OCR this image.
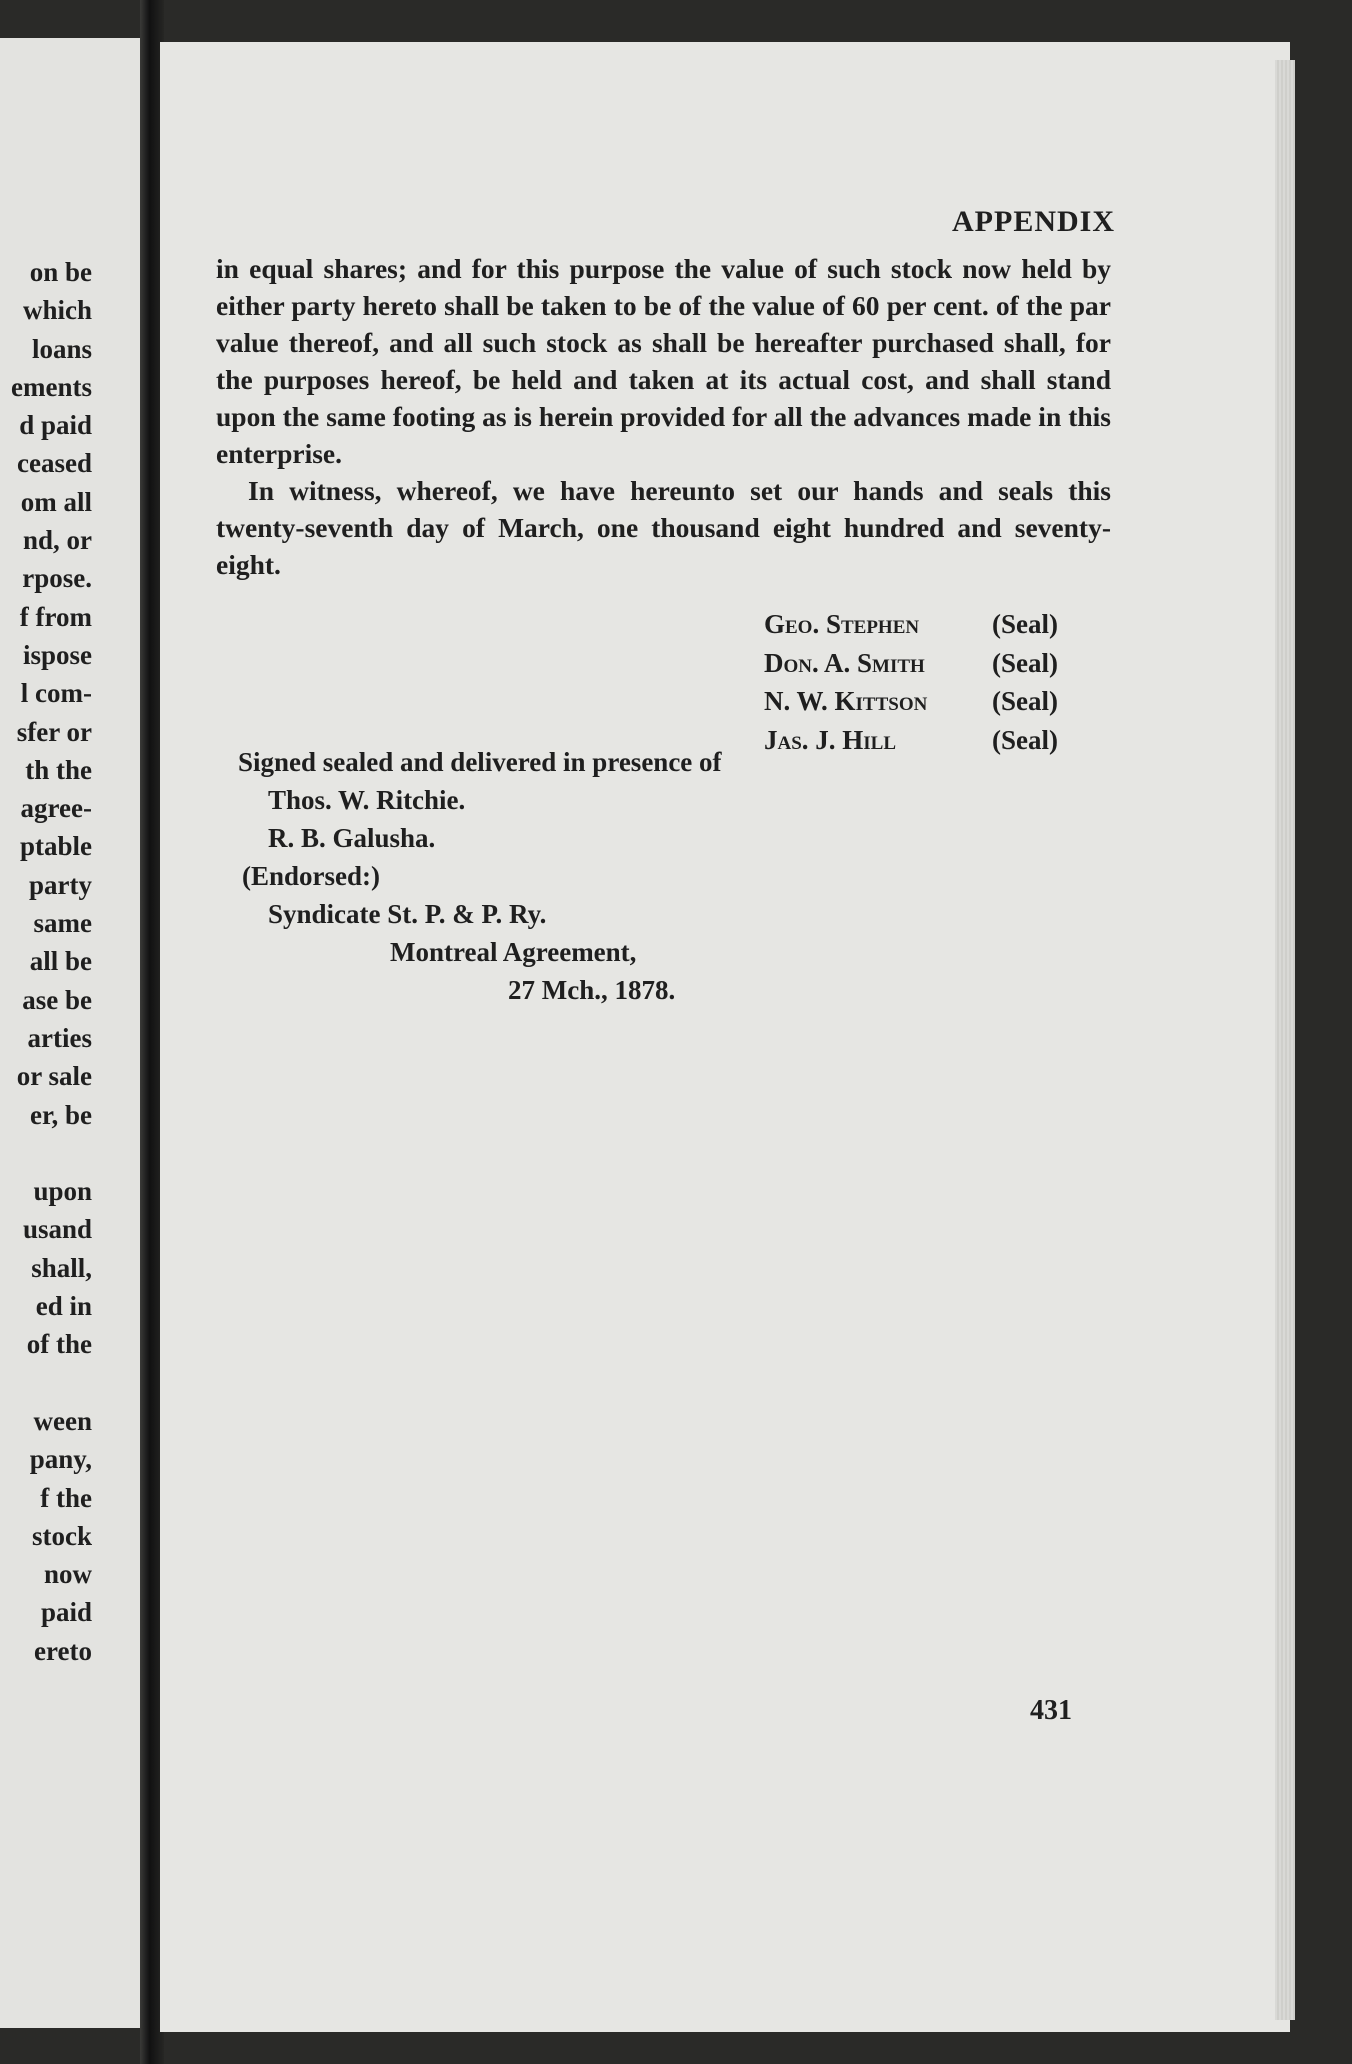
on be
which
loans
ements
d paid
ceased
om all
nd, or
rpose.
f from
ispose
l com-
sfer or
th the
agree-
ptable
party
same
all be
ase be
arties
or sale
er, be

upon
usand
shall,
ed in
of the

ween
pany,
f the
stock
now
paid
ereto
APPENDIX

in equal shares; and for this purpose the value of such stock now held by either party hereto shall be taken to be of the value of 60 per cent. of the par value thereof, and all such stock as shall be hereafter purchased shall, for the purposes hereof, be held and taken at its actual cost, and shall stand upon the same footing as is herein provided for all the advances made in this enterprise.

In witness, whereof, we have hereunto set our hands and seals this twenty-seventh day of March, one thousand eight hundred and seventy-eight.

Geo. Stephen	(Seal)
Don. A. Smith	(Seal)
N. W. Kittson	(Seal)
Jas. J. Hill	(Seal)
Signed sealed and delivered in presence of
Thos. W. Ritchie.
R. B. Galusha.
(Endorsed:)
Syndicate St. P. & P. Ry.
Montreal Agreement,
27 Mch., 1878.
431
